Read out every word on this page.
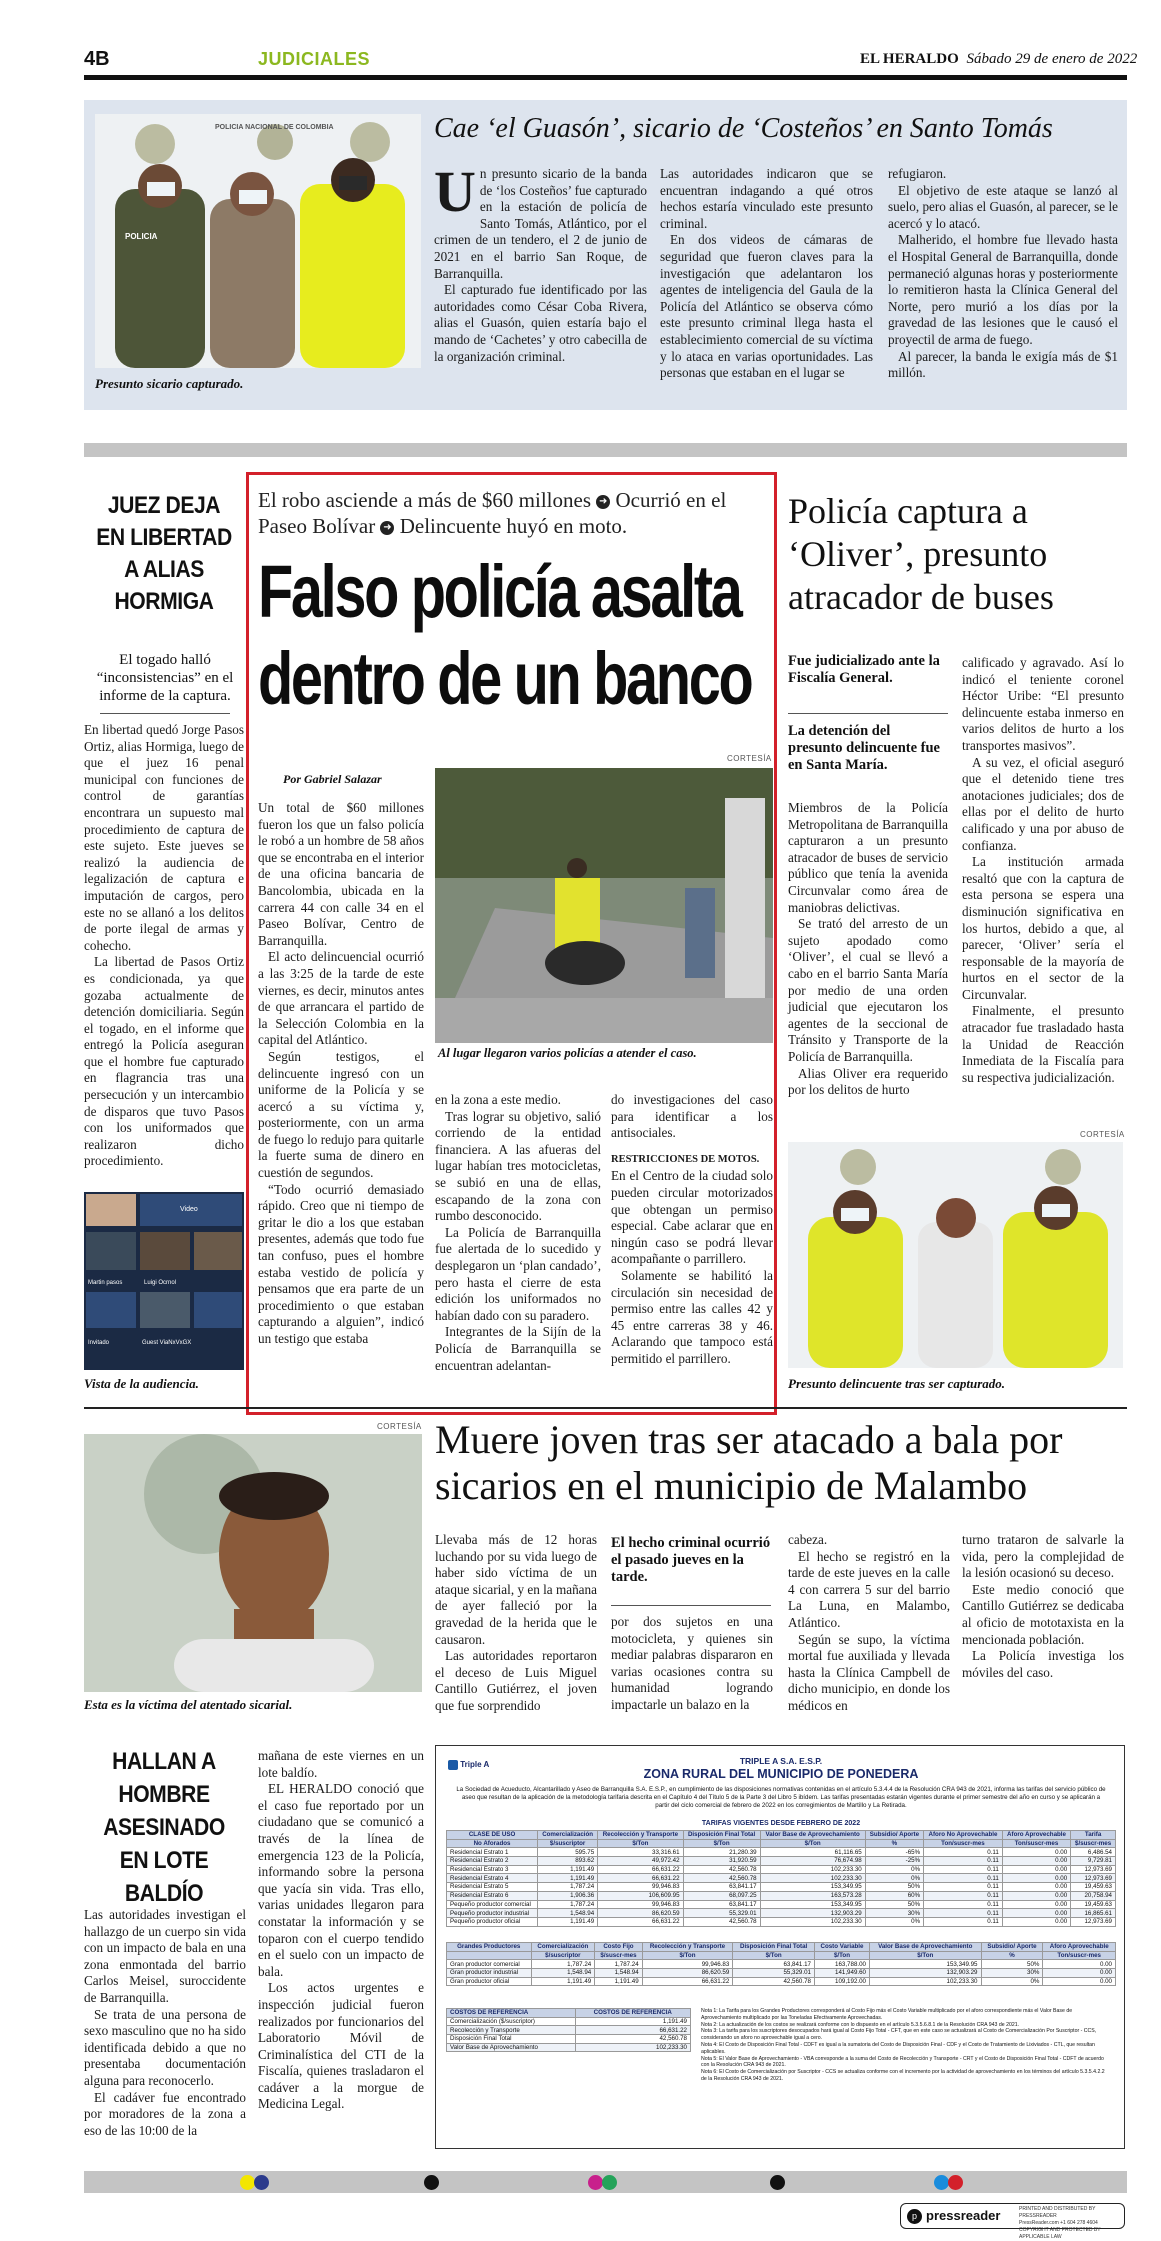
4B	JUDICIALES	EL HERALDO Sábado 29 de enero de 2022
POLICIA NACIONAL DE COLOMBIA
POLICIA
Presunto sicario capturado.
Cae ‘el Guasón’, sicario de ‘Costeños’ en Santo Tomás
U n presunto sicario de la banda de ‘los Costeños’ fue capturado en la estación de policía de Santo Tomás, Atlántico, por el crimen de un tendero, el 2 de junio de 2021 en el barrio San Roque, de Barranquilla.

El capturado fue identificado por las autoridades como César Coba Rivera, alias el Guasón, quien estaría bajo el mando de ‘Cachetes’ y otro cabecilla de la organización criminal.

Las autoridades indicaron que se encuentran indagando a qué otros hechos estaría vinculado este presunto criminal.

En dos videos de cámaras de seguridad que fueron claves para la investigación que adelantaron los agentes de inteligencia del Gaula de la Policía del Atlántico se observa cómo este presunto criminal llega hasta el establecimiento comercial de su víctima y lo ataca en varias oportunidades. Las personas que estaban en el lugar se

refugiaron.

El objetivo de este ataque se lanzó al suelo, pero alias el Guasón, al parecer, se le acercó y lo atacó.

Malherido, el hombre fue llevado hasta el Hospital General de Barranquilla, donde permaneció algunas horas y posteriormente lo remitieron hasta la Clínica General del Norte, pero murió a los días por la gravedad de las lesiones que le causó el proyectil de arma de fuego.

Al parecer, la banda le exigía más de $1 millón.

JUEZ DEJA EN LIBERTAD A ALIAS HORMIGA
El togado halló “inconsistencias” en el informe de la captura.

En libertad quedó Jorge Pasos Ortiz, alias Hormiga, luego de que el juez 16 penal municipal con funciones de control de garantías encontrara un supuesto mal procedimiento de captura de este sujeto. Este jueves se realizó la audiencia de legalización de captura e imputación de cargos, pero este no se allanó a los delitos de porte ilegal de armas y cohecho.

La libertad de Pasos Ortiz es condicionada, ya que gozaba actualmente de detención domiciliaria. Según el togado, en el informe que entregó la Policía aseguran que el hombre fue capturado en flagrancia tras una persecución y un intercambio de disparos que tuvo Pasos con los uniformados que realizaron dicho procedimiento.

Video
Martin pasos	Luigi Ocrnol
Invitado	Guest ViaNxVxGX
Vista de la audiencia.
El robo asciende a más de $60 millones ➜ Ocurrió en el Paseo Bolívar ➜ Delincuente huyó en moto.
Falso policía asalta dentro de un banco
CORTESÍA
Por Gabriel Salazar
Al lugar llegaron varios policías a atender el caso.

Un total de $60 millones fueron los que un falso policía le robó a un hombre de 58 años que se encontraba en el interior de una oficina bancaria de Bancolombia, ubicada en la carrera 44 con calle 34 en el Paseo Bolívar, Centro de Barranquilla.

El acto delincuencial ocurrió a las 3:25 de la tarde de este viernes, es decir, minutos antes de que arrancara el partido de la Selección Colombia en la capital del Atlántico.

Según testigos, el delincuente ingresó con un uniforme de la Policía y se acercó a su víctima y, posteriormente, con un arma de fuego lo redujo para quitarle la fuerte suma de dinero en cuestión de segundos.

“Todo ocurrió demasiado rápido. Creo que ni tiempo de gritar le dio a los que estaban presentes, además que todo fue tan confuso, pues el hombre estaba vestido de policía y pensamos que era parte de un procedimiento o que estaban capturando a alguien”, indicó un testigo que estaba

en la zona a este medio.

Tras lograr su objetivo, salió corriendo de la entidad financiera. A las afueras del lugar habían tres motocicletas, se subió en una de ellas, escapando de la zona con rumbo desconocido.

La Policía de Barranquilla fue alertada de lo sucedido y desplegaron un ‘plan candado’, pero hasta el cierre de esta edición los uniformados no habían dado con su paradero.

Integrantes de la Sijín de la Policía de Barranquilla se encuentran adelantan-

do investigaciones del caso para identificar a los antisociales.

RESTRICCIONES DE MOTOS.

En el Centro de la ciudad solo pueden circular motorizados que obtengan un permiso especial. Cabe aclarar que en ningún caso se podrá llevar acompañante o parrillero.

Solamente se habilitó la circulación sin necesidad de permiso entre las calles 42 y 45 entre carreras 38 y 46. Aclarando que tampoco está permitido el parrillero.

Policía captura a ‘Oliver’, presunto atracador de buses
Fue judicializado ante la Fiscalía General.
La detención del presunto delincuente fue en Santa María.

Miembros de la Policía Metropolitana de Barranquilla capturaron a un presunto atracador de buses de servicio público que tenía la avenida Circunvalar como área de maniobras delictivas.

Se trató del arresto de un sujeto apodado como ‘Oliver’, el cual se llevó a cabo en el barrio Santa María por medio de una orden judicial que ejecutaron los agentes de la seccional de Tránsito y Transporte de la Policía de Barranquilla.

Alias Oliver era requerido por los delitos de hurto

calificado y agravado. Así lo indicó el teniente coronel Héctor Uribe: “El presunto delincuente estaba inmerso en varios delitos de hurto a los transportes masivos”.

A su vez, el oficial aseguró que el detenido tiene tres anotaciones judiciales; dos de ellas por el delito de hurto calificado y una por abuso de confianza.

La institución armada resaltó que con la captura de esta persona se espera una disminución significativa en los hurtos, debido a que, al parecer, ‘Oliver’ sería el responsable de la mayoría de hurtos en el sector de la Circunvalar.

Finalmente, el presunto atracador fue trasladado hasta la Unidad de Reacción Inmediata de la Fiscalía para su respectiva judicialización.

CORTESÍA
Presunto delincuente tras ser capturado.
CORTESÍA
Esta es la víctima del atentado sicarial.
Muere joven tras ser atacado a bala por sicarios en el municipio de Malambo

Llevaba más de 12 horas luchando por su vida luego de haber sido víctima de un ataque sicarial, y en la mañana de ayer falleció por la gravedad de la herida que le causaron.

Las autoridades reportaron el deceso de Luis Miguel Cantillo Gutiérrez, el joven que fue sorprendido

El hecho criminal ocurrió el pasado jueves en la tarde.

por dos sujetos en una motocicleta, y quienes sin mediar palabras dispararon en varias ocasiones contra su humanidad logrando impactarle un balazo en la

cabeza.

El hecho se registró en la tarde de este jueves en la calle 4 con carrera 5 sur del barrio La Luna, en Malambo, Atlántico.

Según se supo, la víctima mortal fue auxiliada y llevada hasta la Clínica Campbell de dicho municipio, en donde los médicos en

turno trataron de salvarle la vida, pero la complejidad de la lesión ocasionó su deceso.

Este medio conoció que Cantillo Gutiérrez se dedicaba al oficio de mototaxista en la mencionada población.

La Policía investiga los móviles del caso.

HALLAN A HOMBRE ASESINADO EN LOTE BALDÍO

Las autoridades investigan el hallazgo de un cuerpo sin vida con un impacto de bala en una zona enmontada del barrio Carlos Meisel, suroccidente de Barranquilla.

Se trata de una persona de sexo masculino que no ha sido identificada debido a que no presentaba documentación alguna para reconocerlo.

El cadáver fue encontrado por moradores de la zona a eso de las 10:00 de la

mañana de este viernes en un lote baldío.

EL HERALDO conoció que el caso fue reportado por un ciudadano que se comunicó a través de la línea de emergencia 123 de la Policía, informando sobre la persona que yacía sin vida. Tras ello, varias unidades llegaron para constatar la información y se toparon con el cuerpo tendido en el suelo con un impacto de bala.

Los actos urgentes e inspección judicial fueron realizados por funcionarios del Laboratorio Móvil de Criminalística del CTI de la Fiscalía, quienes trasladaron el cadáver a la morgue de Medicina Legal.

Triple A	TRIPLE A S.A. E.S.P.
ZONA RURAL DEL MUNICIPIO DE PONEDERA
La Sociedad de Acueducto, Alcantarillado y Aseo de Barranquilla S.A. E.S.P., en cumplimiento de las disposiciones normativas contenidas en el artículo 5.3.4.4 de la Resolución CRA 943 de 2021, informa las tarifas del servicio público de aseo que resultan de la aplicación de la metodología tarifaria descrita en el Capítulo 4 del Título 5 de la Parte 3 del Libro 5 ibídem. Las tarifas presentadas estarán vigentes durante el primer semestre del año en curso y se aplicarán a partir del ciclo comercial de febrero de 2022 en los corregimientos de Martillo y La Retirada.
TARIFAS VIGENTES DESDE FEBRERO DE 2022
CLASE DE USO	Comercialización	Recolección y Transporte	Disposición Final Total	Valor Base de Aprovechamiento	Subsidio/ Aporte	Aforo No Aprovechable	Aforo Aprovechable	Tarifa
No Aforados	$/suscriptor	$/Ton	$/Ton	$/Ton	%	Ton/suscr-mes	Ton/suscr-mes	$/suscr-mes
Residencial Estrato 1	595.75	33,316.61	21,280.39	61,116.65	-65%	0.11	0.00	6,486.54
Residencial Estrato 2	893.62	49,972.42	31,920.59	76,674.98	-25%	0.11	0.00	9,729.81
Residencial Estrato 3	1,191.49	66,631.22	42,560.78	102,233.30	0%	0.11	0.00	12,973.69
Residencial Estrato 4	1,191.49	66,631.22	42,560.78	102,233.30	0%	0.11	0.00	12,973.69
Residencial Estrato 5	1,787.24	99,946.83	63,841.17	153,349.95	50%	0.11	0.00	19,459.63
Residencial Estrato 6	1,906.36	106,609.95	68,097.25	163,573.28	60%	0.11	0.00	20,758.94
Pequeño productor comercial	1,787.24	99,946.83	63,841.17	153,349.95	50%	0.11	0.00	19,459.63
Pequeño productor industrial	1,548.94	86,620.59	55,329.01	132,903.29	30%	0.11	0.00	16,865.61
Pequeño productor oficial	1,191.49	66,631.22	42,560.78	102,233.30	0%	0.11	0.00	12,973.69
Grandes Productores	Comercialización	Costo Fijo	Recolección y Transporte	Disposición Final Total	Costo Variable	Valor Base de Aprovechamiento	Subsidio/ Aporte	Aforo Aprovechable
	$/suscriptor	$/suscr-mes	$/Ton	$/Ton	$/Ton	$/Ton	%	Ton/suscr-mes
Gran productor comercial	1,787.24	1,787.24	99,946.83	63,841.17	163,788.00	153,349.95	50%	0.00
Gran productor industrial	1,548.94	1,548.94	86,620.59	55,329.01	141,949.60	132,903.29	30%	0.00
Gran productor oficial	1,191.49	1,191.49	66,631.22	42,560.78	109,192.00	102,233.30	0%	0.00
COSTOS DE REFERENCIA	COSTOS DE REFERENCIA
Comercialización ($/suscriptor)	1,191.49
Recolección y Transporte	66,631.22
Disposición Final Total	42,560.78
Valor Base de Aprovechamiento	102,233.30
Nota 1: La Tarifa para los Grandes Productores corresponderá al Costo Fijo más el Costo Variable multiplicado por el aforo correspondiente más el Valor Base de Aprovechamiento multiplicado por las Toneladas Efectivamente Aprovechadas.
Nota 2: La actualización de los costos se realizará conforme con lo dispuesto en el artículo 5.3.5.6.8.1 de la Resolución CRA 943 de 2021.
Nota 3: La tarifa para los suscriptores desocupados hará igual al Costo Fijo Total - CFT, que en este caso se actualizará al Costo de Comercialización Por Suscriptor - CCS, considerando un aforo no aprovechable igual a cero.
Nota 4: El Costo de Disposición Final Total - CDFT es igual a la sumatoria del Costo de Disposición Final - CDF y el Costo de Tratamiento de Lixiviados - CTL, que resultan aplicables.
Nota 5: El Valor Base de Aprovechamiento - VBA corresponde a la suma del Costo de Recolección y Transporte - CRT y el Costo de Disposición Final Total - CDFT de acuerdo con la Resolución CRA 943 de 2021.
Nota 6: El Costo de Comercialización por Suscriptor - CCS se actualiza conforme con el incremento por la actividad de aprovechamiento en los términos del artículo 5.3.5.4.2.2 de la Resolución CRA 943 de 2021.
p pressreader	PRINTED AND DISTRIBUTED BY PRESSREADER
PressReader.com +1 604 278 4604
COPYRIGHT AND PROTECTED BY APPLICABLE LAW
